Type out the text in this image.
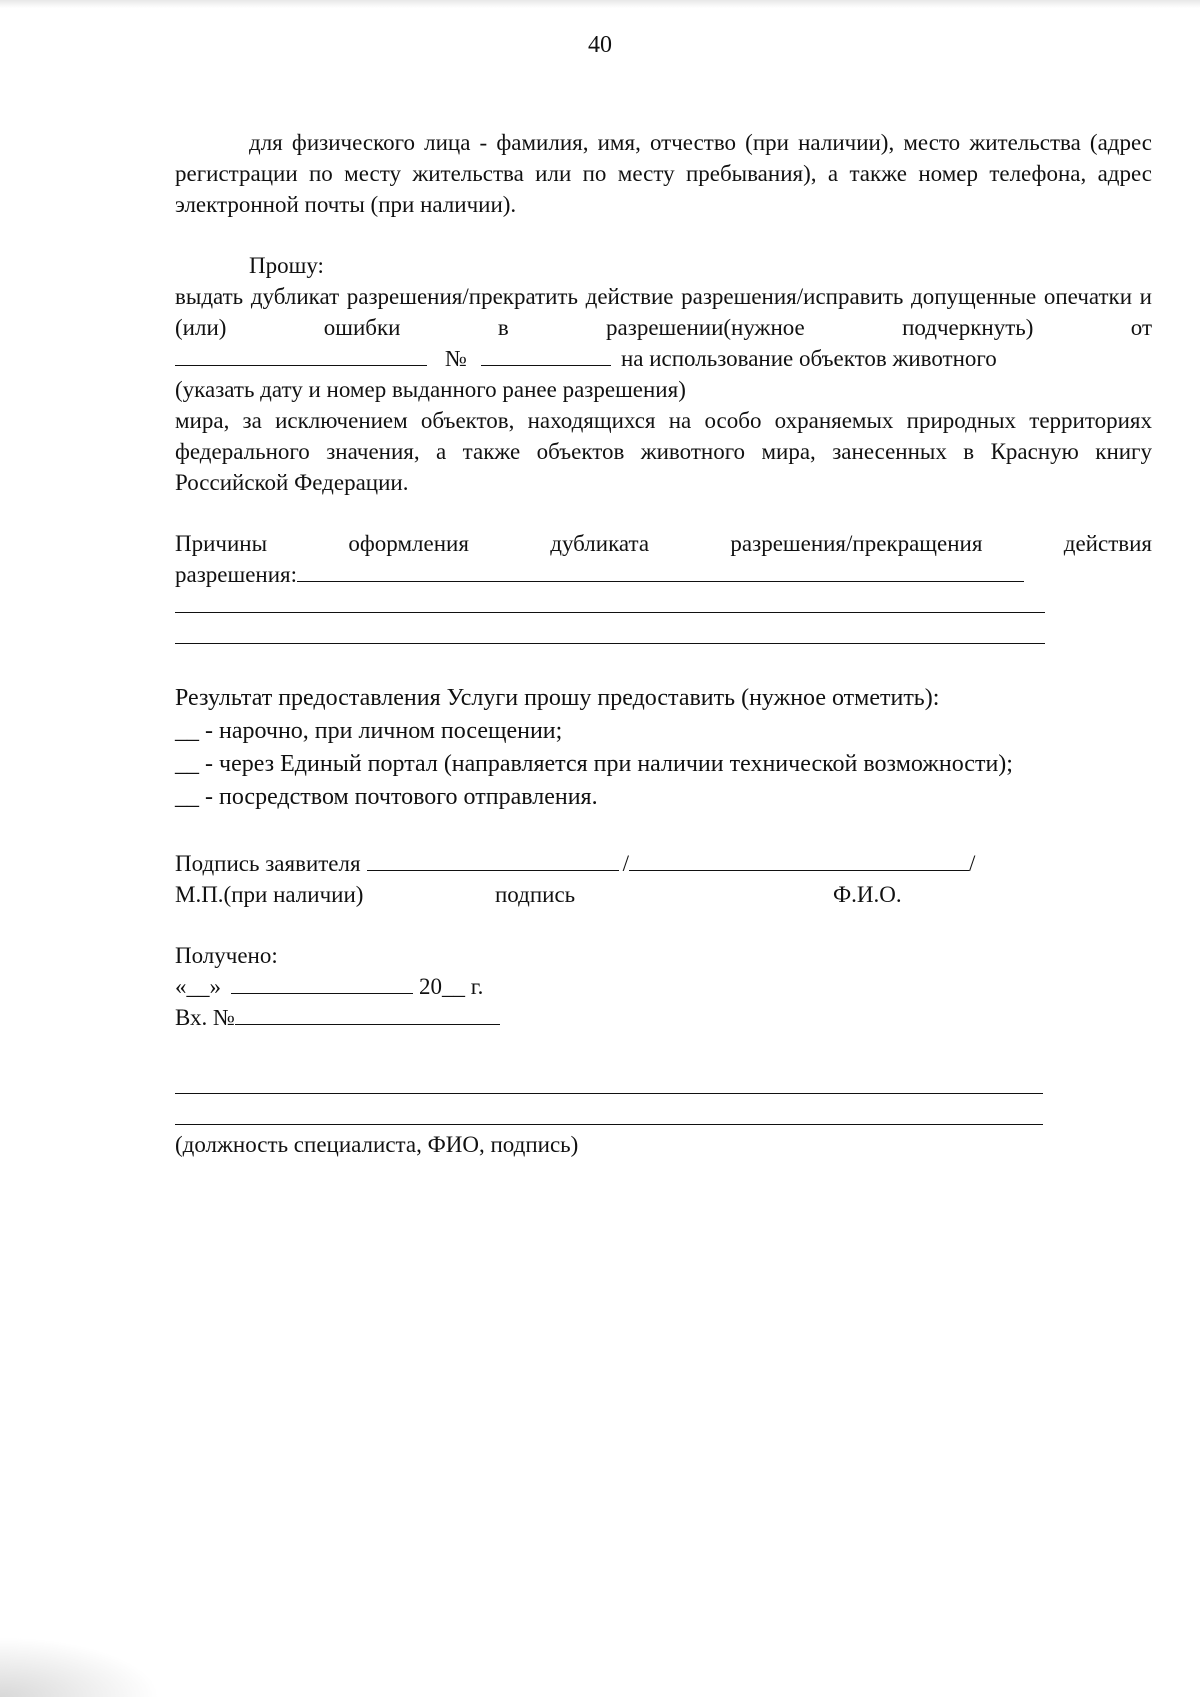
40

для физического лица - фамилия, имя, отчество (при наличии), место жительства (адрес регистрации по месту жительства или по месту пребывания), а также номер телефона, адрес электронной почты (при наличии).

Прошу:
выдать дубликат разрешения/прекратить действие разрешения/исправить допущенные опечатки и (или) ошибки в разрешении(нужное подчеркнуть) от
№	на использование объектов животного
(указать дату и номер выданного ранее разрешения)

мира, за исключением объектов, находящихся на особо охраняемых природных территориях федерального значения, а также объектов животного мира, занесенных в Красную книгу Российской Федерации.

Причины оформления дубликата разрешения/прекращения действия
разрешения:
Результат предоставления Услуги прошу предоставить (нужное отметить):
__ - нарочно, при личном посещении;
__ - через Единый портал (направляется при наличии технической возможности);
__ - посредством почтового отправления.
Подпись заявителя	/	/
М.П.(при наличии)	подпись	Ф.И.О.
Получено:
«__»	20__ г.
Вх. №
(должность специалиста, ФИО, подпись)
